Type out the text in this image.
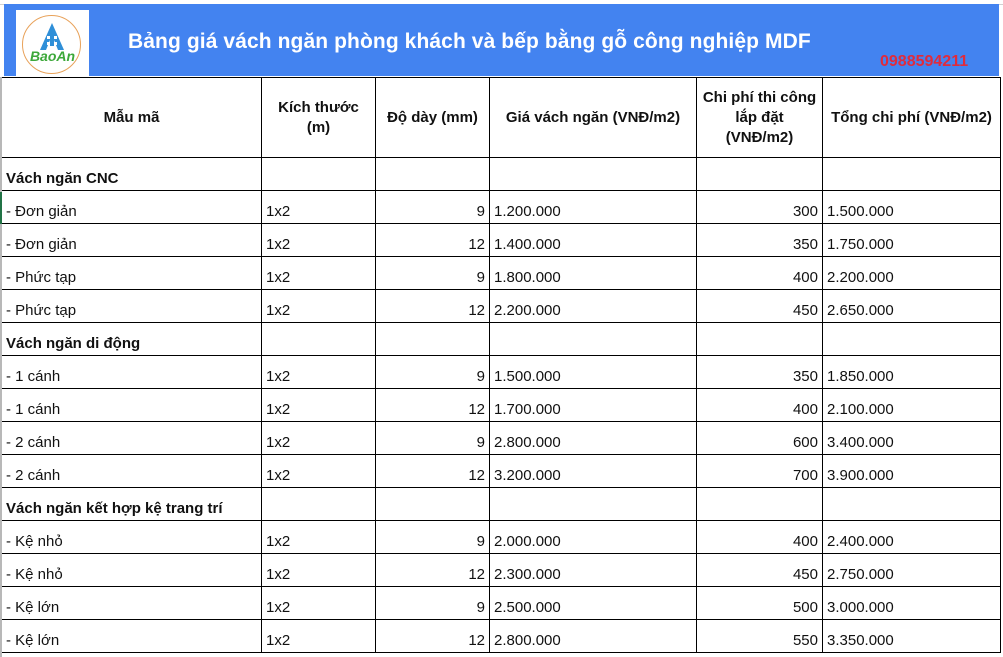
BaoAn
Bảng giá vách ngăn phòng khách và bếp bằng gỗ công nghiệp MDF
0988594211
Mẫu mã	Kích thước (m)	Độ dày (mm)	Giá vách ngăn (VNĐ/m2)	Chi phí thi công lắp đặt (VNĐ/m2)	Tổng chi phí (VNĐ/m2)
Vách ngăn CNC					
- Đơn giản	1x2	9	1.200.000	300	1.500.000
- Đơn giản	1x2	12	1.400.000	350	1.750.000
- Phức tạp	1x2	9	1.800.000	400	2.200.000
- Phức tạp	1x2	12	2.200.000	450	2.650.000
Vách ngăn di động					
- 1 cánh	1x2	9	1.500.000	350	1.850.000
- 1 cánh	1x2	12	1.700.000	400	2.100.000
- 2 cánh	1x2	9	2.800.000	600	3.400.000
- 2 cánh	1x2	12	3.200.000	700	3.900.000
Vách ngăn kết hợp kệ trang trí					
- Kệ nhỏ	1x2	9	2.000.000	400	2.400.000
- Kệ nhỏ	1x2	12	2.300.000	450	2.750.000
- Kệ lớn	1x2	9	2.500.000	500	3.000.000
- Kệ lớn	1x2	12	2.800.000	550	3.350.000
